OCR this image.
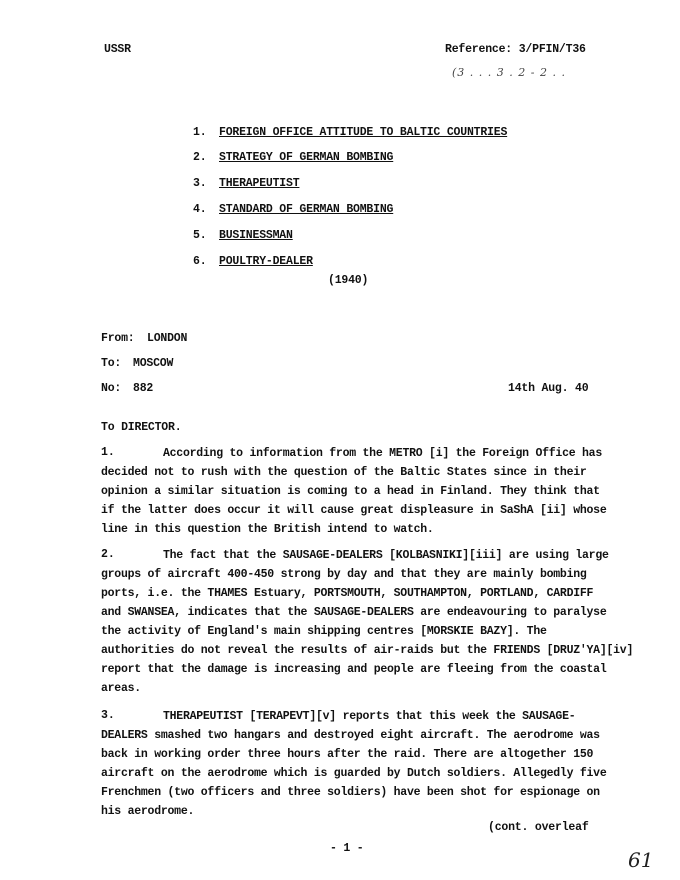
USSR	Reference: 3/PFIN/T36
(3 . . . 3 . 2 - 2 . .
1. FOREIGN OFFICE ATTITUDE TO BALTIC COUNTRIES
2. STRATEGY OF GERMAN BOMBING
3. THERAPEUTIST
4. STANDARD OF GERMAN BOMBING
5. BUSINESSMAN
6. POULTRY-DEALER
(1940)
From: LONDON
To: MOSCOW
No: 882	14th Aug. 40
To DIRECTOR.
1.	According to information from the METRO [i] the Foreign Office has
decided not to rush with the question of the Baltic States since in their
opinion a similar situation is coming to a head in Finland. They think that
if the latter does occur it will cause great displeasure in SaShA [ii] whose
line in this question the British intend to watch.
2.	The fact that the SAUSAGE-DEALERS [KOLBASNIKI][iii] are using large
groups of aircraft 400-450 strong by day and that they are mainly bombing
ports, i.e. the THAMES Estuary, PORTSMOUTH, SOUTHAMPTON, PORTLAND, CARDIFF
and SWANSEA, indicates that the SAUSAGE-DEALERS are endeavouring to paralyse
the activity of England's main shipping centres [MORSKIE BAZY]. The
authorities do not reveal the results of air-raids but the FRIENDS [DRUZ'YA][iv]
report that the damage is increasing and people are fleeing from the coastal
areas.
3.	THERAPEUTIST [TERAPEVT][v] reports that this week the SAUSAGE-
DEALERS smashed two hangars and destroyed eight aircraft. The aerodrome was
back in working order three hours after the raid. There are altogether 150
aircraft on the aerodrome which is guarded by Dutch soldiers. Allegedly five
Frenchmen (two officers and three soldiers) have been shot for espionage on
his aerodrome.
(cont. overleaf
- 1 -	61
